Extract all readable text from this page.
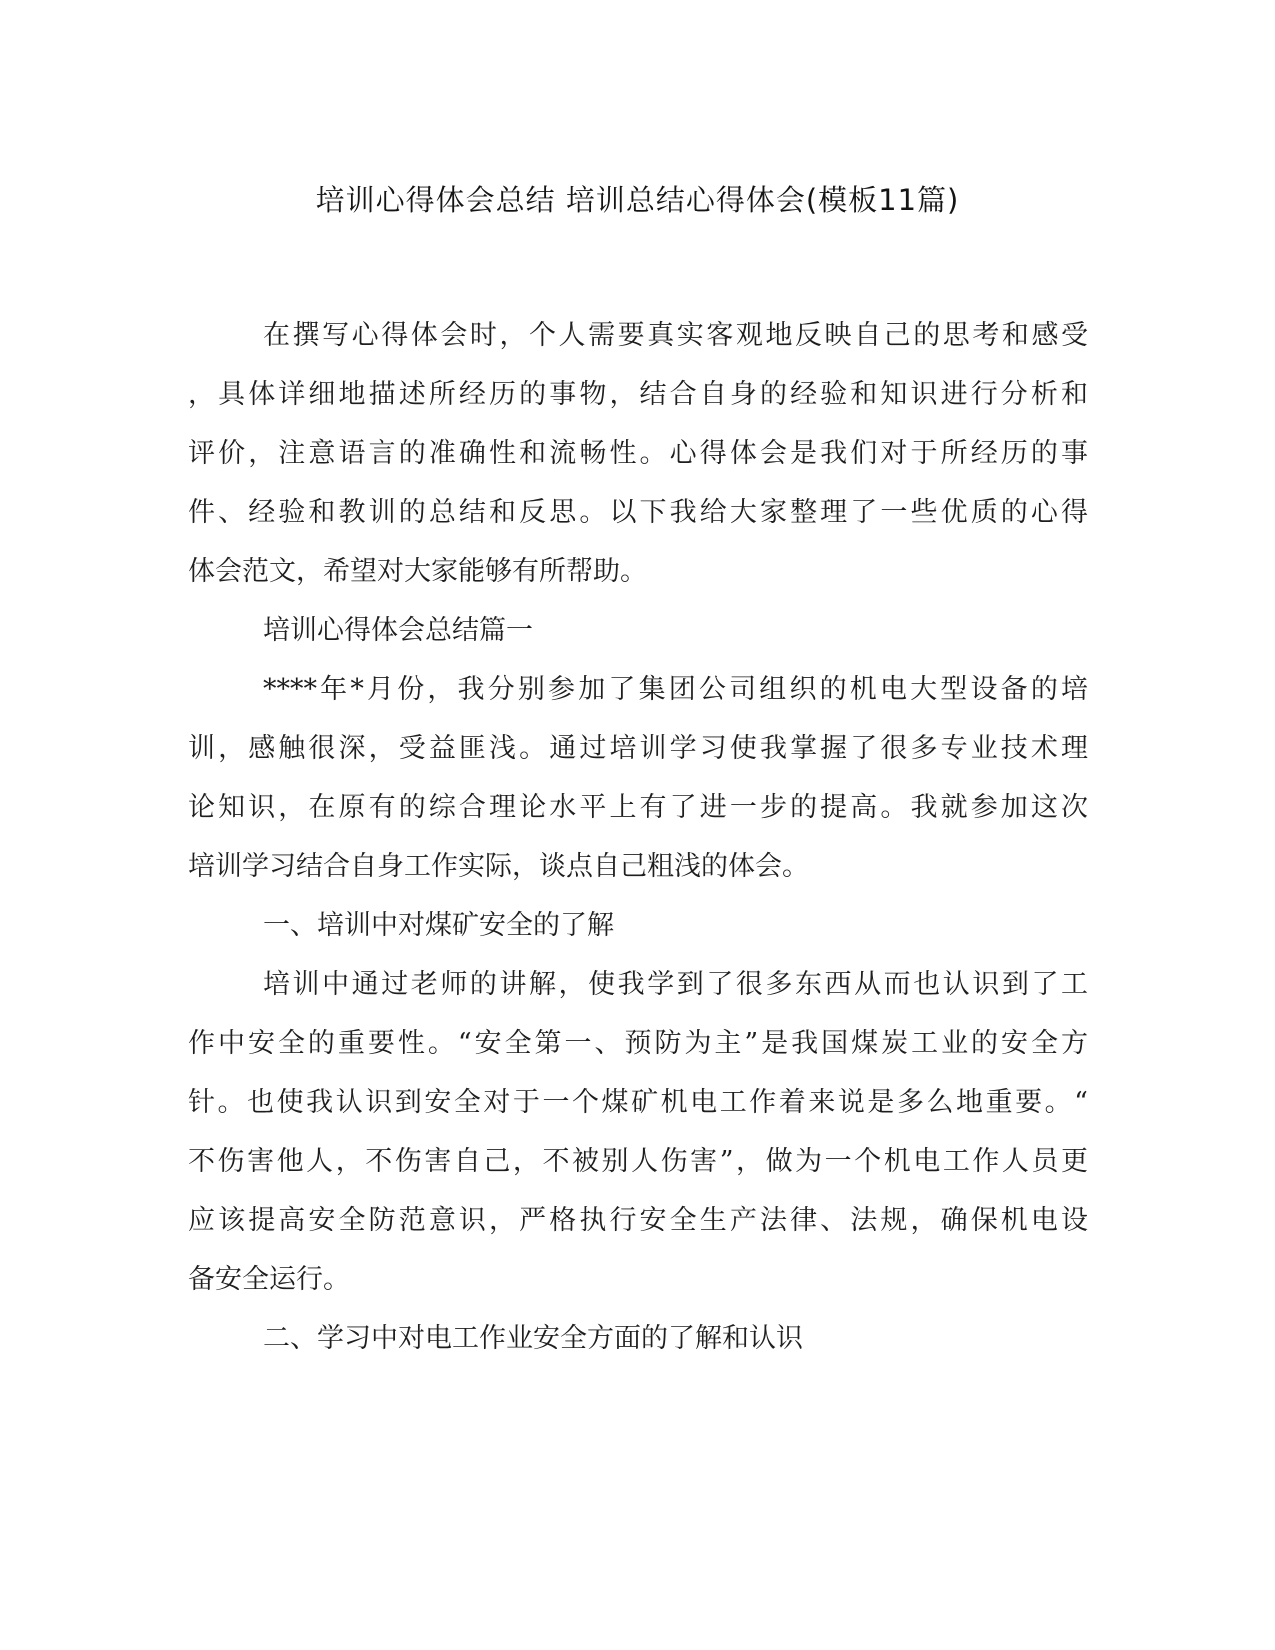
培训心得体会总结 培训总结心得体会(模板11篇)
在撰写心得体会时，个人需要真实客观地反映自己的思考和感受
，具体详细地描述所经历的事物，结合自身的经验和知识进行分析和
评价，注意语言的准确性和流畅性。心得体会是我们对于所经历的事
件、经验和教训的总结和反思。以下我给大家整理了一些优质的心得
体会范文，希望对大家能够有所帮助。
培训心得体会总结篇一
****年*月份，我分别参加了集团公司组织的机电大型设备的培
训，感触很深，受益匪浅。通过培训学习使我掌握了很多专业技术理
论知识，在原有的综合理论水平上有了进一步的提高。我就参加这次
培训学习结合自身工作实际，谈点自己粗浅的体会。
一、培训中对煤矿安全的了解
培训中通过老师的讲解，使我学到了很多东西从而也认识到了工
作中安全的重要性。“安全第一、预防为主”是我国煤炭工业的安全方
针。也使我认识到安全对于一个煤矿机电工作着来说是多么地重要。“
不伤害他人，不伤害自己，不被别人伤害”，做为一个机电工作人员更
应该提高安全防范意识，严格执行安全生产法律、法规，确保机电设
备安全运行。
二、学习中对电工作业安全方面的了解和认识
